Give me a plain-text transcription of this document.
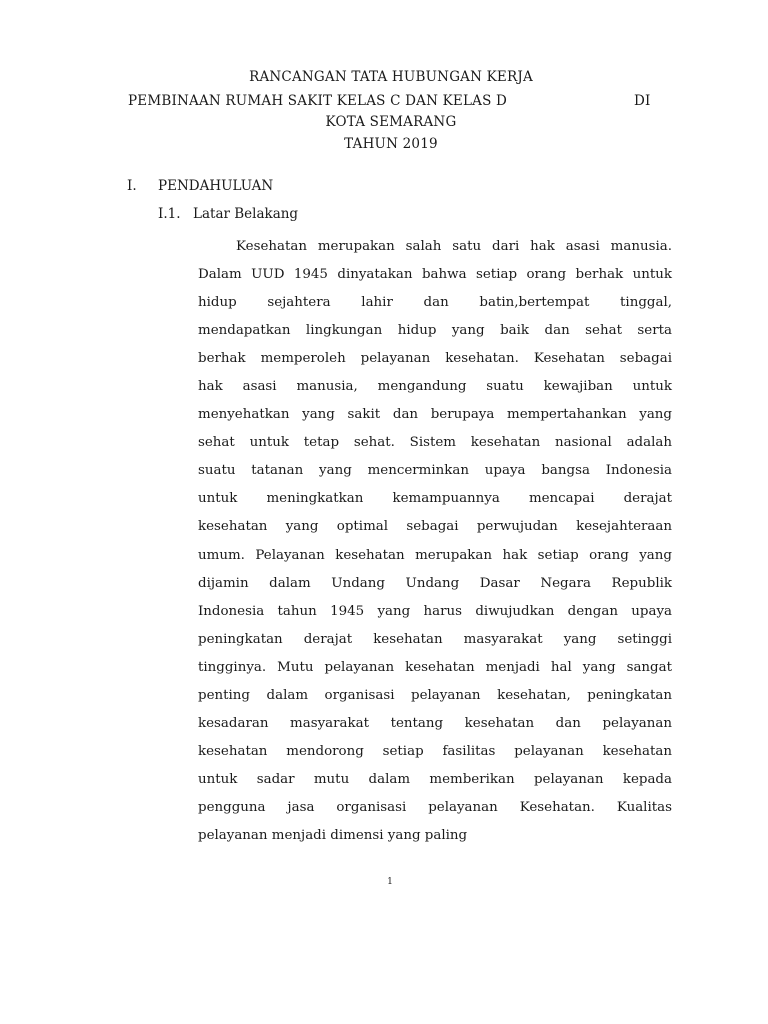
RANCANGAN TATA HUBUNGAN KERJA
PEMBINAAN RUMAH SAKIT KELAS C DAN KELAS D	DI
KOTA SEMARANG
TAHUN 2019
I. PENDAHULUAN
I.1. Latar Belakang
Kesehatan merupakan salah satu dari hak asasi manusia.
Dalam UUD 1945 dinyatakan bahwa setiap orang berhak untuk
hidup sejahtera lahir dan batin,bertempat tinggal,
mendapatkan lingkungan hidup yang baik dan sehat serta
berhak memperoleh pelayanan kesehatan. Kesehatan sebagai
hak asasi manusia, mengandung suatu kewajiban untuk
menyehatkan yang sakit dan berupaya mempertahankan yang
sehat untuk tetap sehat. Sistem kesehatan nasional adalah
suatu tatanan yang mencerminkan upaya bangsa Indonesia
untuk meningkatkan kemampuannya mencapai derajat
kesehatan yang optimal sebagai perwujudan kesejahteraan
umum. Pelayanan kesehatan merupakan hak setiap orang yang
dijamin dalam Undang Undang Dasar Negara Republik
Indonesia tahun 1945 yang harus diwujudkan dengan upaya
peningkatan derajat kesehatan masyarakat yang setinggi
tingginya. Mutu pelayanan kesehatan menjadi hal yang sangat
penting dalam organisasi pelayanan kesehatan, peningkatan
kesadaran masyarakat tentang kesehatan dan pelayanan
kesehatan mendorong setiap fasilitas pelayanan kesehatan
untuk sadar mutu dalam memberikan pelayanan kepada
pengguna jasa organisasi pelayanan Kesehatan. Kualitas
pelayanan menjadi dimensi yang paling
1
